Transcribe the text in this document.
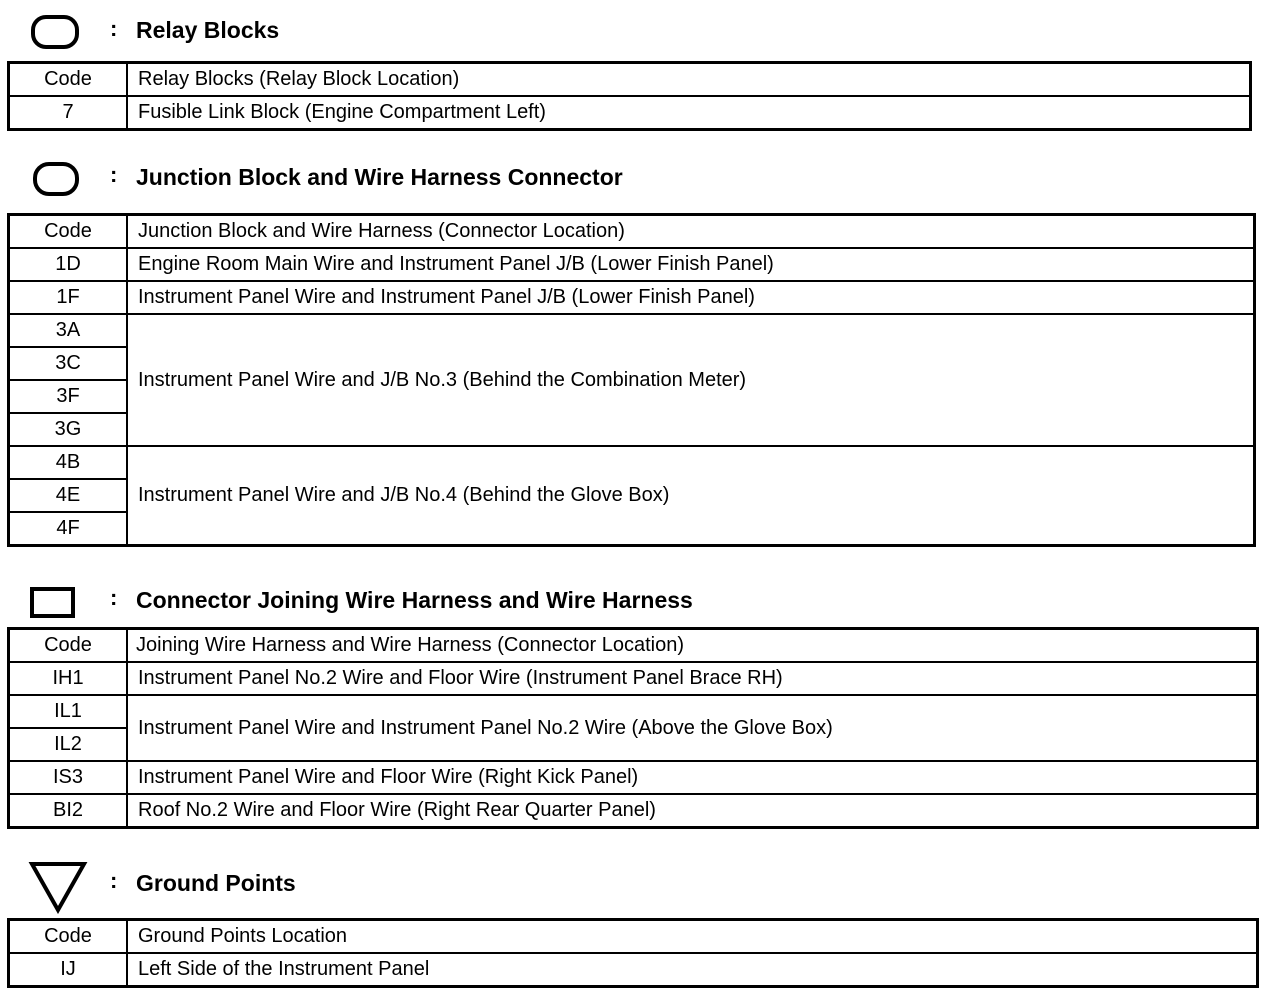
: Relay Blocks
Code	Relay Blocks (Relay Block Location)
7	Fusible Link Block (Engine Compartment Left)
: Junction Block and Wire Harness Connector
Code	Junction Block and Wire Harness (Connector Location)
1D	Engine Room Main Wire and Instrument Panel J/B (Lower Finish Panel)
1F	Instrument Panel Wire and Instrument Panel J/B (Lower Finish Panel)
3A	Instrument Panel Wire and J/B No.3 (Behind the Combination Meter)
3C	
3F	
3G	
4B	Instrument Panel Wire and J/B No.4 (Behind the Glove Box)
4E	
4F	
: Connector Joining Wire Harness and Wire Harness
Code	Joining Wire Harness and Wire Harness (Connector Location)
IH1	Instrument Panel No.2 Wire and Floor Wire (Instrument Panel Brace RH)
IL1	Instrument Panel Wire and Instrument Panel No.2 Wire (Above the Glove Box)
IL2	
IS3	Instrument Panel Wire and Floor Wire (Right Kick Panel)
BI2	Roof No.2 Wire and Floor Wire (Right Rear Quarter Panel)
: Ground Points
Code	Ground Points Location
IJ	Left Side of the Instrument Panel
